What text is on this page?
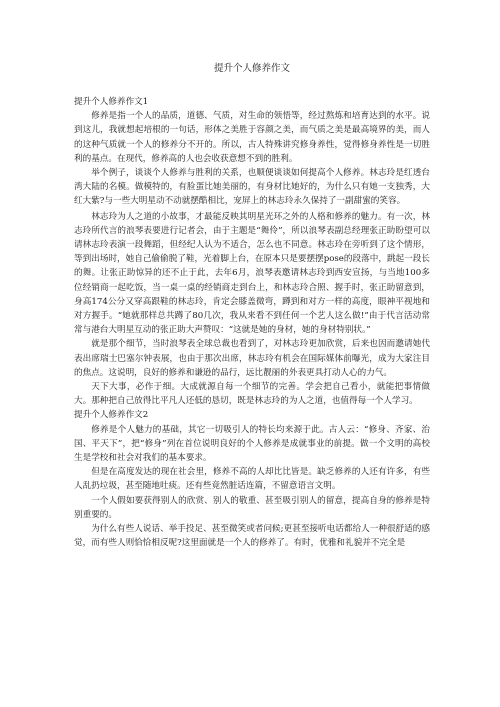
提升个人修养作文
提升个人修养作文1

修养是指一个人的品质，道德、气质，对生命的领悟等，经过熬炼和培育达到的水平。说到这儿，我就想起培根的一句话，形体之美胜于容颜之美，而气质之美是最高境界的美，而人的这种气质就一个人的修养分不开的。所以，古人特殊讲究修身养性，觉得修身养性是一切胜利的基点。在现代，修养高的人也会收获意想不到的胜利。

举个例子，谈谈个人修养与胜利的关系，也顺便谈谈如何提高个人修养。林志玲是红透台湾大陆的名模。做模特的，有脸蛋比她美丽的，有身材比她好的，为什么只有她一支独秀，大红大紫?与一些大明星动不动就摆酷相比，宠屏上的林志玲永久保持了一副甜蜜的笑容。

林志玲为人之道的小故事，才最能反映其明星光环之外的人格和修养的魅力。有一次，林志玲所代言的浪琴表要进行记者会，由于主题是“舞伶”，所以浪琴表副总经理张正助盼望可以请林志玲表演一段舞蹈，但经纪人认为不适合，怎么也不同意。林志玲在旁听到了这个情形，等到出场时，她自己偷偷脱了鞋，光着脚上台，在原本只是要摆摆pose的段落中，跳起一段长的舞。让张正助惊异的还不止于此，去年6月，浪琴表邀请林志玲到西安宣扬，与当地100多位经销商一起吃饭，当一桌一桌的经销商走到台上，和林志玲合照、握手时，张正助留意到，身高174公分又穿高跟鞋的林志玲，肯定会膝盖微弯，蹲到和对方一样的高度，眼神平视地和对方握手。“她就那样总共蹲了80几次，我从来看不到任何一个艺人这么做!”由于代言活动常常与港台大明星互动的张正助大声赞叹：“这就是她的身材，她的身材特别状。”

就是那个细节，当时浪琴表全球总裁也看到了，对林志玲更加欣赏，后来也因而邀请她代表出席瑞士巴塞尔钟表展，也由于那次出席，林志玲有机会在国际媒体前曝光，成为大家注目的焦点。这说明，良好的修养和谦逊的品行，远比靓丽的外表更具打动人心的力气。

天下大事，必作于细。大成就源自每一个细节的完善。学会把自己看小，就能把事情做大。那种把自己放得比平凡人还低的恳切，既是林志玲的为人之道，也值得每一个人学习。

提升个人修养作文2

修养是个人魅力的基础，其它一切吸引人的特长均来源于此。古人云：“修身、齐家、治国、平天下”，把“修身”列在首位说明良好的个人修养是成就事业的前提。做一个文明的高校生是学校和社会对我们的基本要求。

但是在高度发达的现在社会里，修养不高的人却比比皆是。缺乏修养的人还有许多，有些人乱扔垃圾，甚至随地吐痰。还有些竟然脏话连篇，不留意语言文明。

一个人假如要获得别人的欣赏、别人的敬重、甚至吸引别人的留意，提高自身的修养是特别重要的。

为什么有些人说话、举手投足、甚至微笑或者问候;更甚至接听电话都给人一种很舒适的感觉，而有些人则恰恰相反呢?这里面就是一个人的修养了。有时，优雅和礼貌并不完全是
